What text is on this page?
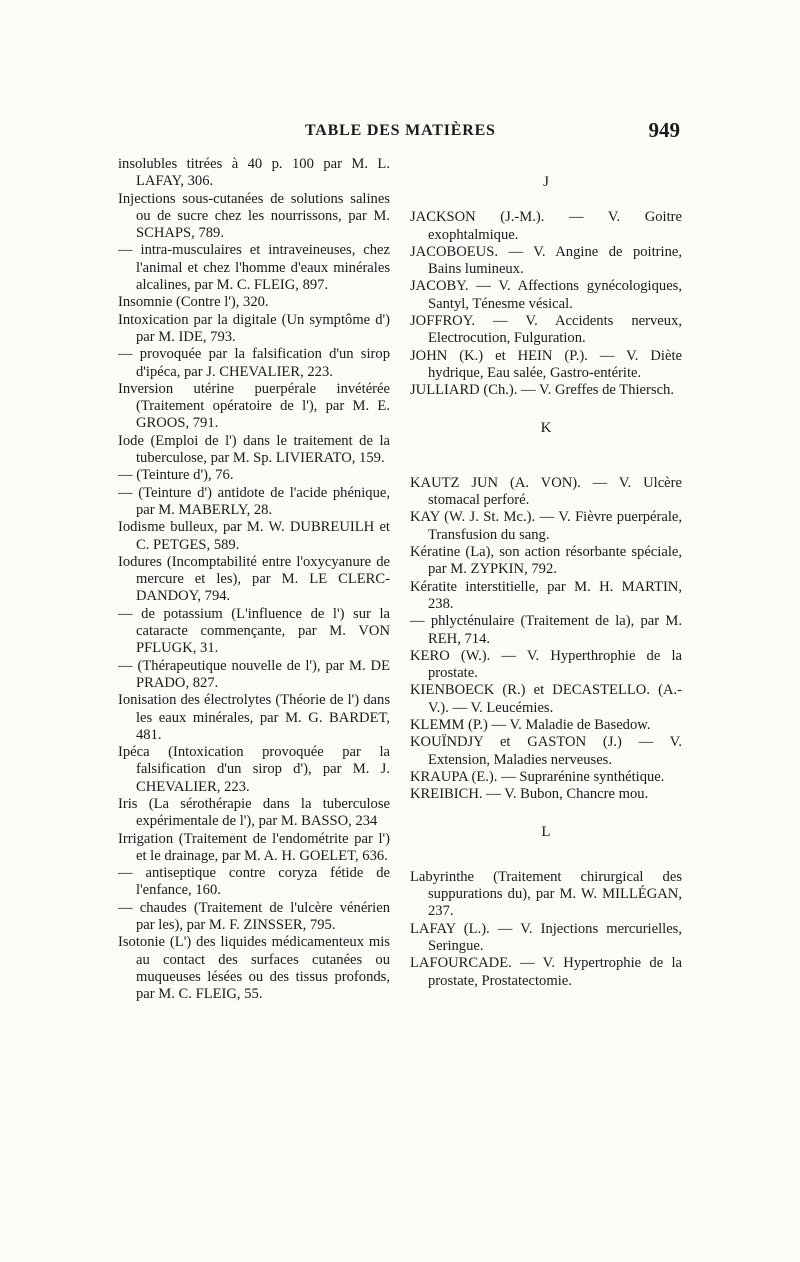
TABLE DES MATIÈRES	949

insolubles titrées à 40 p. 100 par M. L. LAFAY, 306.

Injections sous-cutanées de solutions salines ou de sucre chez les nourrissons, par M. SCHAPS, 789.

— intra-musculaires et intraveineuses, chez l'animal et chez l'homme d'eaux minérales alcalines, par M. C. FLEIG, 897.

Insomnie (Contre l'), 320.

Intoxication par la digitale (Un symptôme d') par M. IDE, 793.

— provoquée par la falsification d'un sirop d'ipéca, par J. CHEVALIER, 223.

Inversion utérine puerpérale invétérée (Traitement opératoire de l'), par M. E. GROOS, 791.

Iode (Emploi de l') dans le traitement de la tuberculose, par M. Sp. LIVIERATO, 159.

— (Teinture d'), 76.

— (Teinture d') antidote de l'acide phénique, par M. MABERLY, 28.

Iodisme bulleux, par M. W. DUBREUILH et C. PETGES, 589.

Iodures (Incomptabilité entre l'oxycyanure de mercure et les), par M. LE CLERC-DANDOY, 794.

— de potassium (L'influence de l') sur la cataracte commençante, par M. VON PFLUGK, 31.

— (Thérapeutique nouvelle de l'), par M. DE PRADO, 827.

Ionisation des électrolytes (Théorie de l') dans les eaux minérales, par M. G. BARDET, 481.

Ipéca (Intoxication provoquée par la falsification d'un sirop d'), par M. J. CHEVALIER, 223.

Iris (La sérothérapie dans la tuberculose expérimentale de l'), par M. BASSO, 234

Irrigation (Traitement de l'endométrite par l') et le drainage, par M. A. H. GOELET, 636.

— antiseptique contre coryza fétide de l'enfance, 160.

— chaudes (Traitement de l'ulcère vénérien par les), par M. F. ZINSSER, 795.

Isotonie (L') des liquides médicamenteux mis au contact des surfaces cutanées ou muqueuses lésées ou des tissus profonds, par M. C. FLEIG, 55.

J

JACKSON (J.-M.). — V. Goitre exophtalmique.

JACOBOEUS. — V. Angine de poitrine, Bains lumineux.

JACOBY. — V. Affections gynécologiques, Santyl, Ténesme vésical.

JOFFROY. — V. Accidents nerveux, Electrocution, Fulguration.

JOHN (K.) et HEIN (P.). — V. Diète hydrique, Eau salée, Gastro-entérite.

JULLIARD (Ch.). — V. Greffes de Thiersch.

K

KAUTZ JUN (A. VON). — V. Ulcère stomacal perforé.

KAY (W. J. St. Mc.). — V. Fièvre puerpérale, Transfusion du sang.

Kératine (La), son action résorbante spéciale, par M. ZYPKIN, 792.

Kératite interstitielle, par M. H. MARTIN, 238.

— phlycténulaire (Traitement de la), par M. REH, 714.

KERO (W.). — V. Hyperthrophie de la prostate.

KIENBOECK (R.) et DECASTELLO. (A.-V.). — V. Leucémies.

KLEMM (P.) — V. Maladie de Basedow.

KOUÏNDJY et GASTON (J.) — V. Extension, Maladies nerveuses.

KRAUPA (E.). — Suprarénine synthétique.

KREIBICH. — V. Bubon, Chancre mou.

L

Labyrinthe (Traitement chirurgical des suppurations du), par M. W. MILLÉGAN, 237.

LAFAY (L.). — V. Injections mercurielles, Seringue.

LAFOURCADE. — V. Hypertrophie de la prostate, Prostatectomie.
